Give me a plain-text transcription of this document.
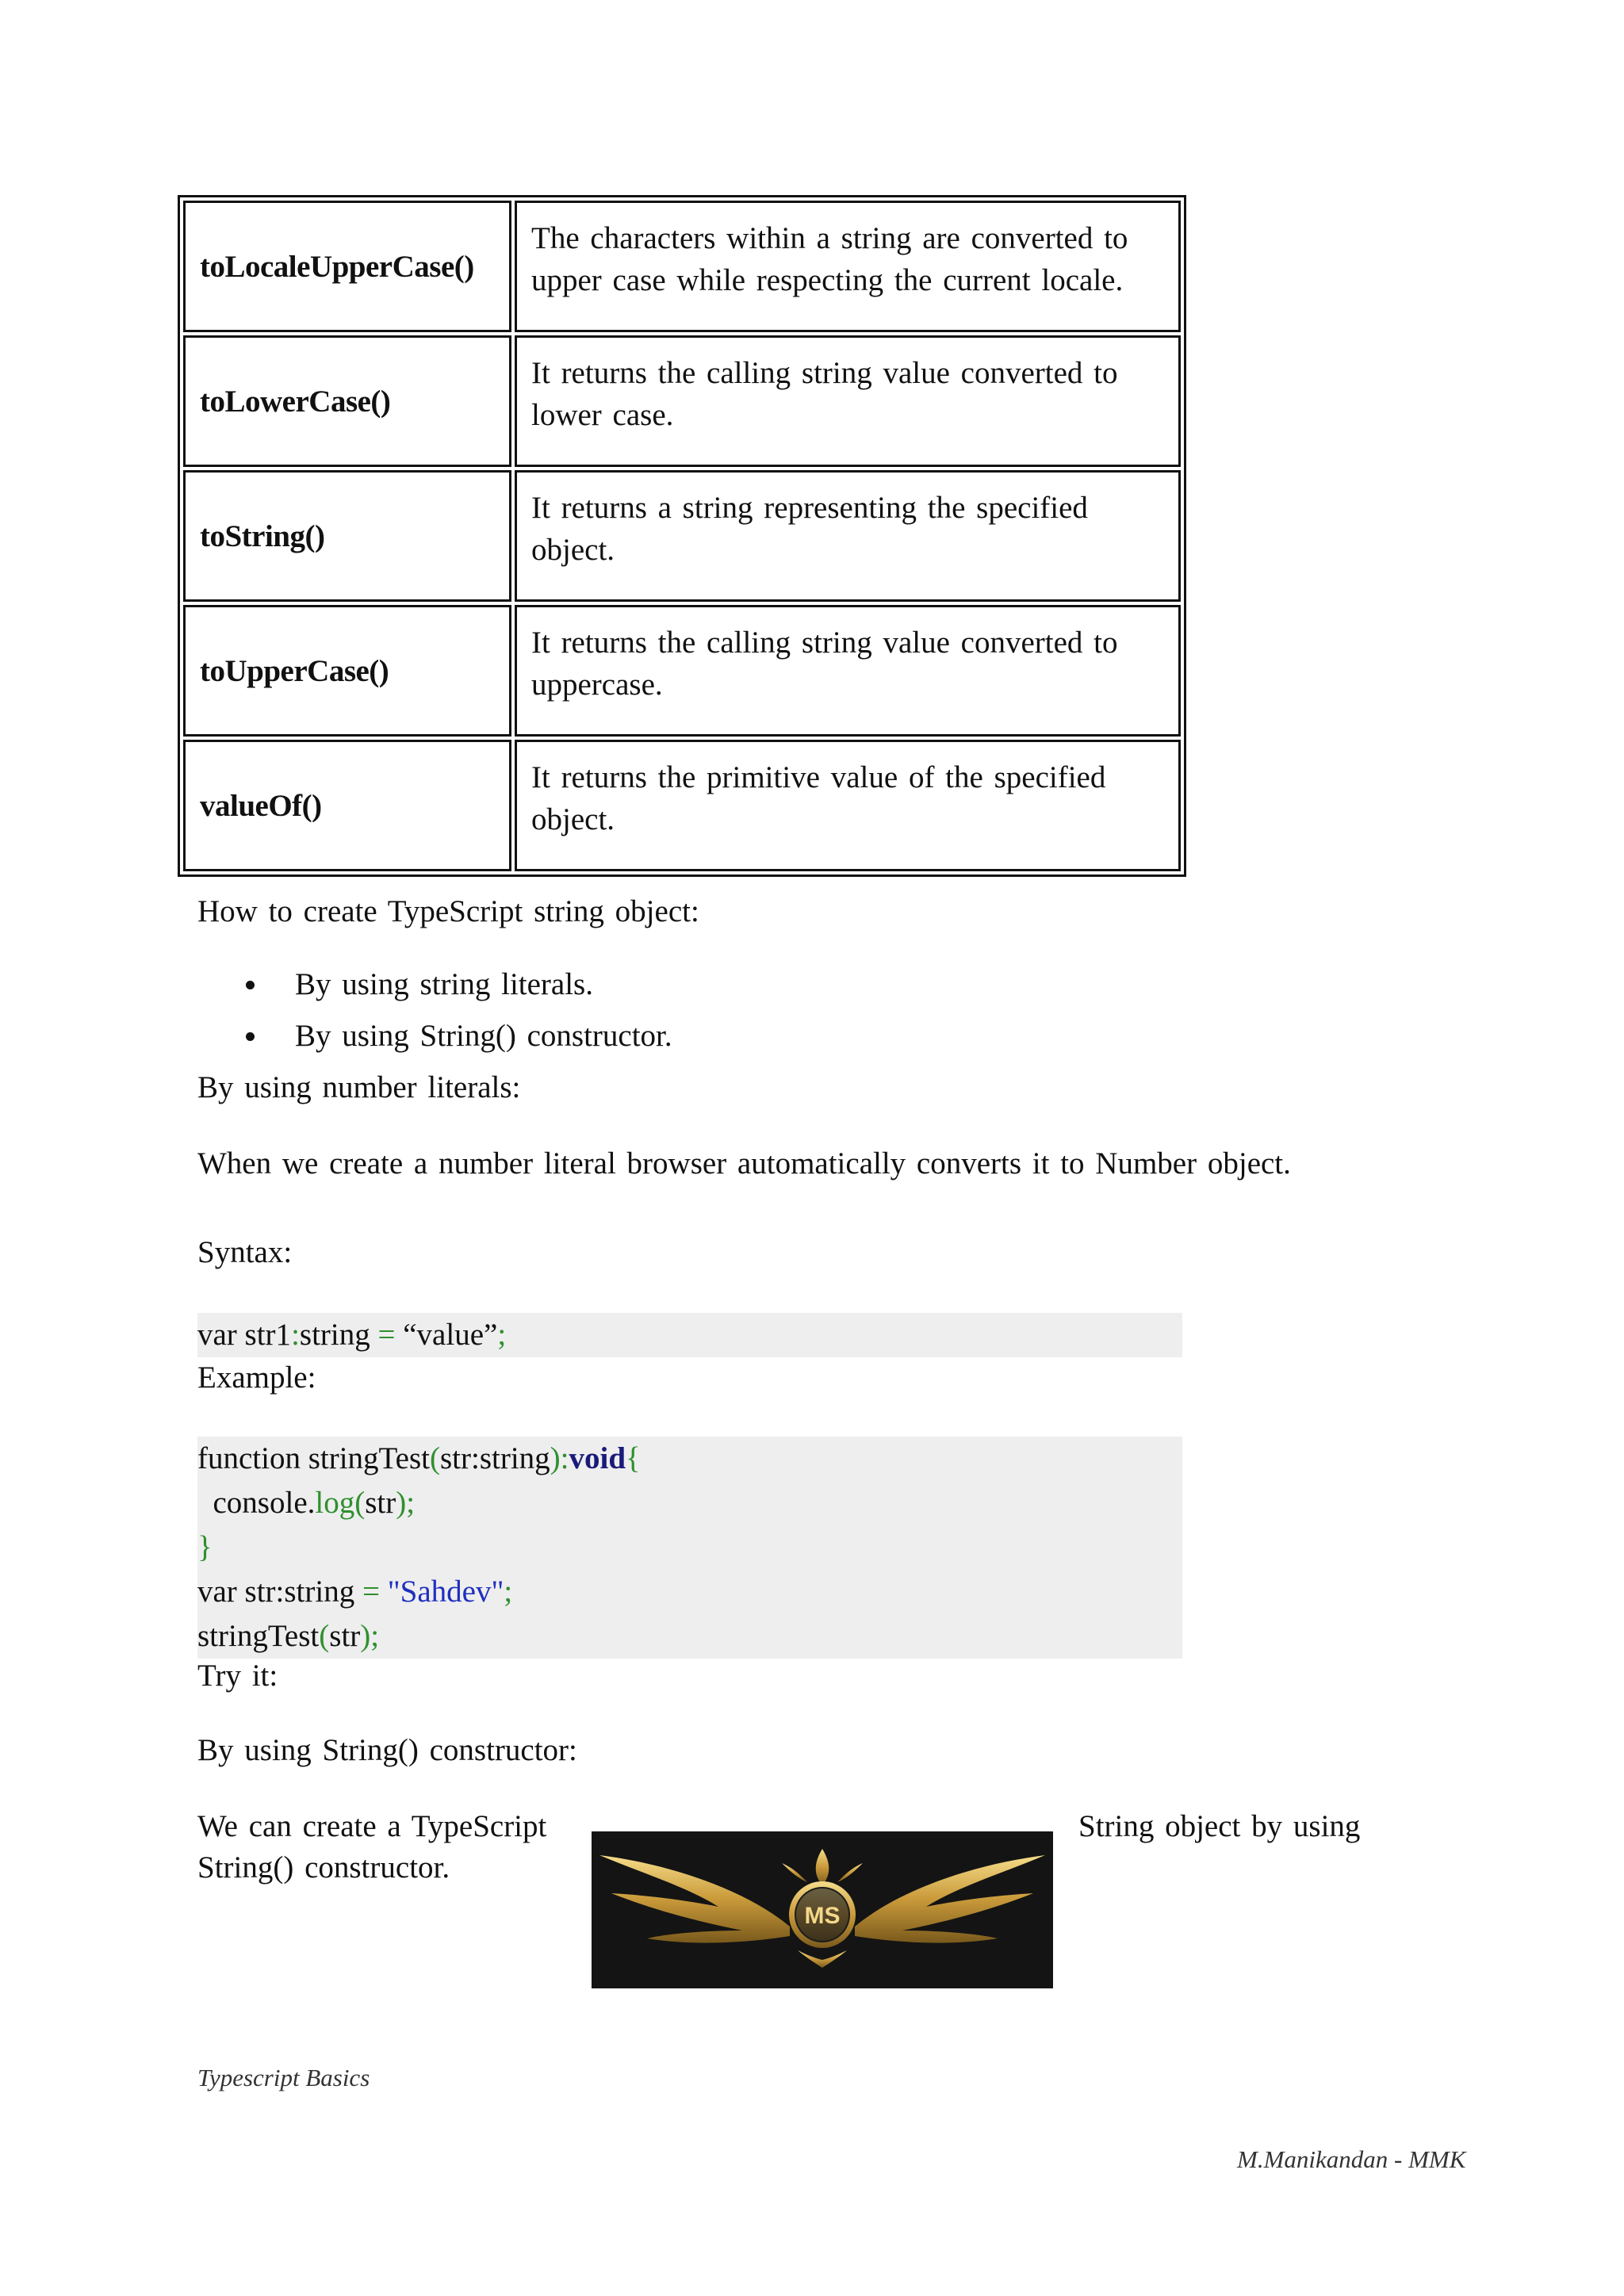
toLocaleUpperCase()	The characters within a string are converted to
upper case while respecting the current locale.
toLowerCase()	It returns the calling string value converted to
lower case.
toString()	It returns a string representing the specified
object.
toUpperCase()	It returns the calling string value converted to
uppercase.
valueOf()	It returns the primitive value of the specified
object.
How to create TypeScript string object:
By using string literals.
By using String() constructor.
By using number literals:
When we create a number literal browser automatically converts it to Number object.
Syntax:
var str1:string = “value”;
Example:
function stringTest(str:string):void{
console.log(str);
}
var str:string = "Sahdev";
stringTest(str);
Try it:
By using String() constructor:
We can create a TypeScript
String() constructor.
String object by using
MS
Typescript Basics
M.Manikandan - MMK
